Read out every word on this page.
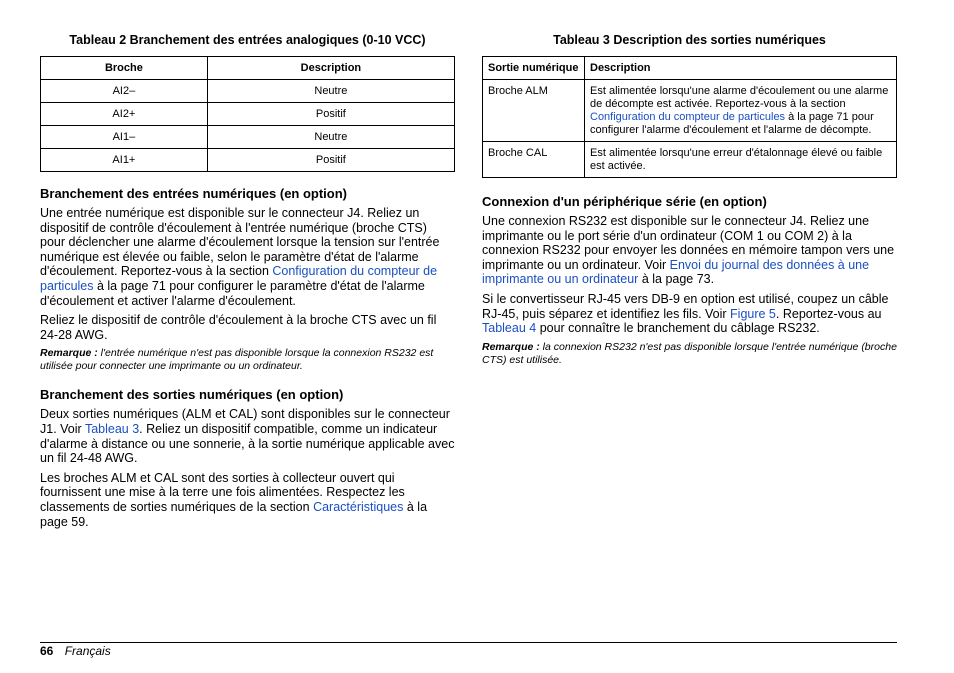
Tableau 2 Branchement des entrées analogiques (0-10 VCC)
Broche	Description
AI2–	Neutre
AI2+	Positif
AI1–	Neutre
AI1+	Positif
Branchement des entrées numériques (en option)

Une entrée numérique est disponible sur le connecteur J4. Reliez un dispositif de contrôle d'écoulement à l'entrée numérique (broche CTS) pour déclencher une alarme d'écoulement lorsque la tension sur l'entrée numérique est élevée ou faible, selon le paramètre d'état de l'alarme d'écoulement. Reportez-vous à la section Configuration du compteur de particules à la page 71 pour configurer le paramètre d'état de l'alarme d'écoulement et activer l'alarme d'écoulement.

Reliez le dispositif de contrôle d'écoulement à la broche CTS avec un fil 24-28 AWG.

Remarque : l'entrée numérique n'est pas disponible lorsque la connexion RS232 est utilisée pour connecter une imprimante ou un ordinateur.

Branchement des sorties numériques (en option)

Deux sorties numériques (ALM et CAL) sont disponibles sur le connecteur J1. Voir Tableau 3. Reliez un dispositif compatible, comme un indicateur d'alarme à distance ou une sonnerie, à la sortie numérique applicable avec un fil 24-48 AWG.

Les broches ALM et CAL sont des sorties à collecteur ouvert qui fournissent une mise à la terre une fois alimentées. Respectez les classements de sorties numériques de la section Caractéristiques à la page 59.

Tableau 3 Description des sorties numériques
Sortie numérique	Description
Broche ALM	Est alimentée lorsqu'une alarme d'écoulement ou une alarme de décompte est activée. Reportez-vous à la section Configuration du compteur de particules à la page 71 pour configurer l'alarme d'écoulement et l'alarme de décompte.
Broche CAL	Est alimentée lorsqu'une erreur d'étalonnage élevé ou faible est activée.
Connexion d'un périphérique série (en option)

Une connexion RS232 est disponible sur le connecteur J4. Reliez une imprimante ou le port série d'un ordinateur (COM 1 ou COM 2) à la connexion RS232 pour envoyer les données en mémoire tampon vers une imprimante ou un ordinateur. Voir Envoi du journal des données à une imprimante ou un ordinateur à la page 73.

Si le convertisseur RJ-45 vers DB-9 en option est utilisé, coupez un câble RJ-45, puis séparez et identifiez les fils. Voir Figure 5. Reportez-vous au Tableau 4 pour connaître le branchement du câblage RS232.

Remarque : la connexion RS232 n'est pas disponible lorsque l'entrée numérique (broche CTS) est utilisée.

66 Français
